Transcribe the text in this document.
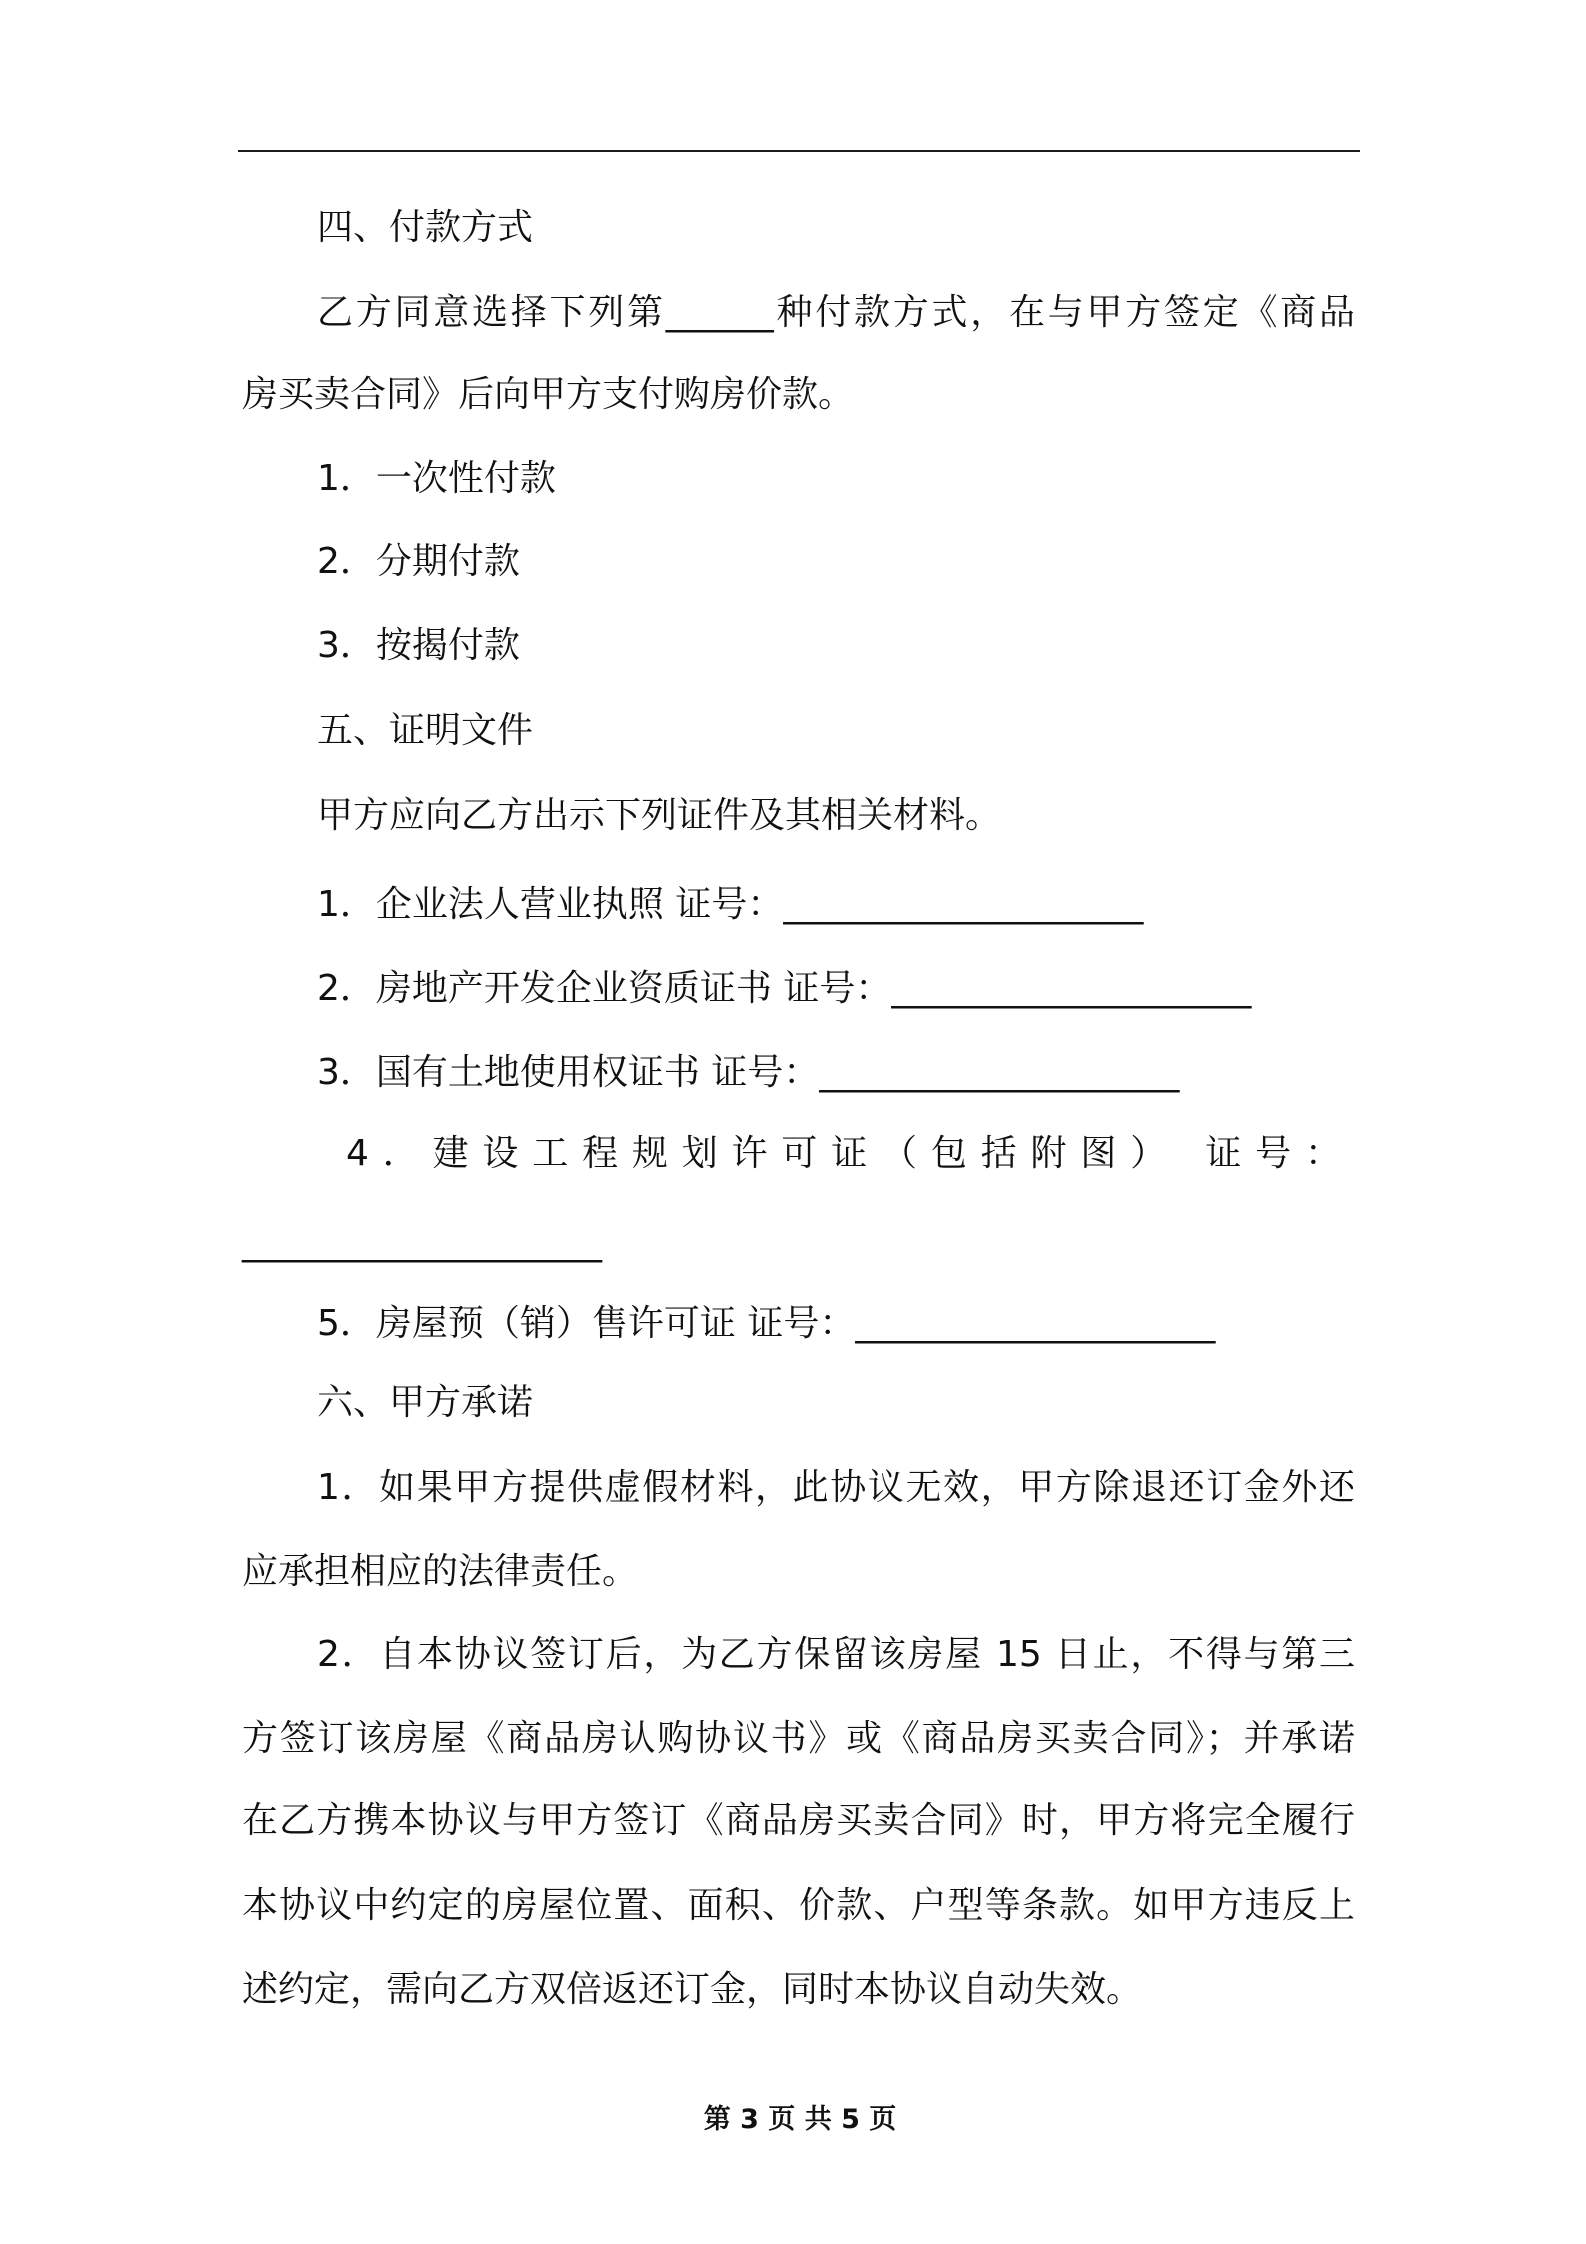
四、付款方式
乙方同意选择下列第______种付款方式，在与甲方签定《商品
房买卖合同》后向甲方支付购房价款。
1．一次性付款
2．分期付款
3．按揭付款
五、证明文件
甲方应向乙方出示下列证件及其相关材料。
1．企业法人营业执照 证号：____________________
2．房地产开发企业资质证书 证号：____________________
3．国有土地使用权证书 证号：____________________
4．建设工程规划许可证（包括附图） 证号：
____________________
5．房屋预（销）售许可证 证号：____________________
六、甲方承诺
1．如果甲方提供虚假材料，此协议无效，甲方除退还订金外还
应承担相应的法律责任。
2．自本协议签订后，为乙方保留该房屋 15 日止，不得与第三
方签订该房屋《商品房认购协议书》或《商品房买卖合同》；并承诺
在乙方携本协议与甲方签订《商品房买卖合同》时，甲方将完全履行
本协议中约定的房屋位置、面积、价款、户型等条款。如甲方违反上
述约定，需向乙方双倍返还订金，同时本协议自动失效。
第 3 页 共 5 页
